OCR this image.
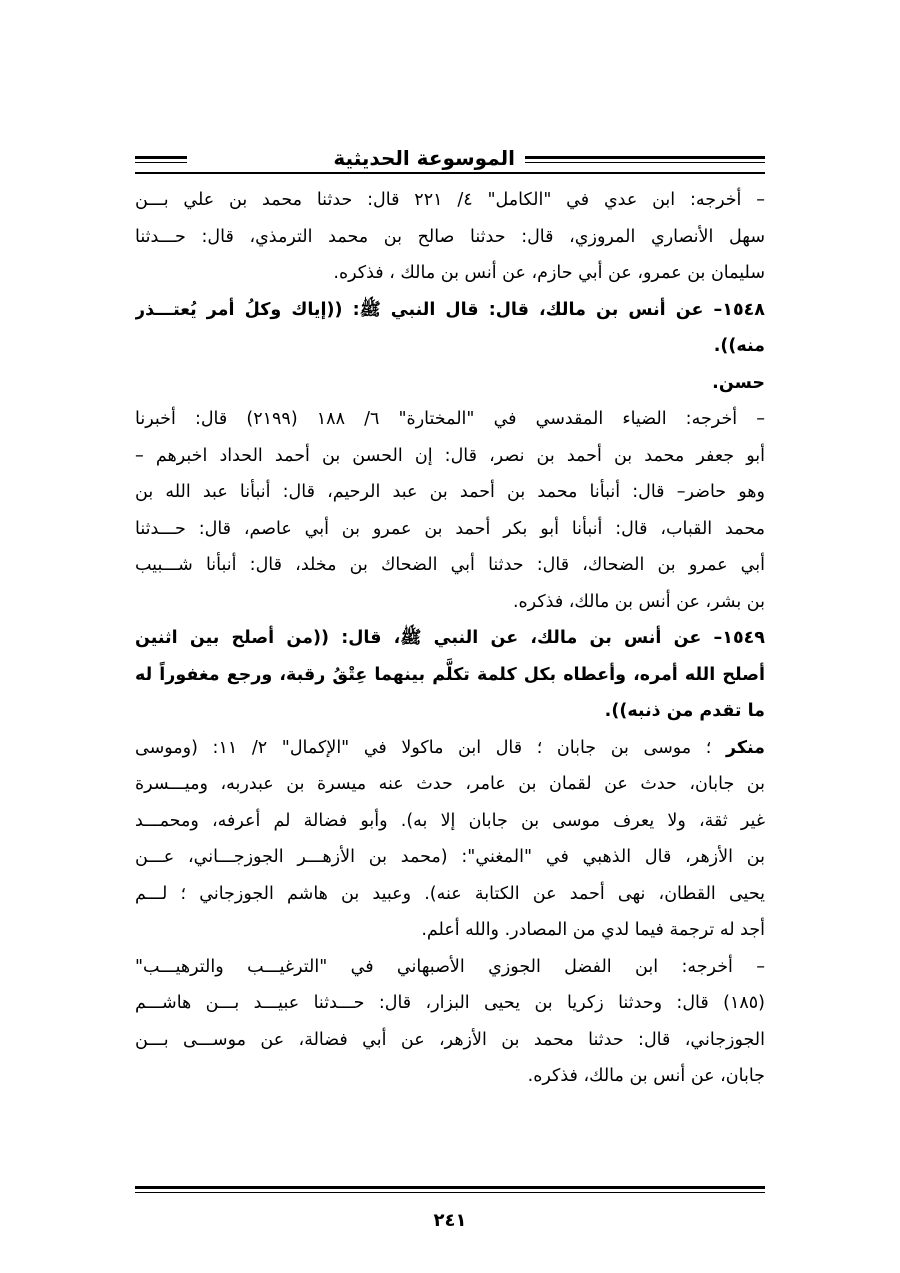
الموسوعة الحديثية
– أخرجه: ابن عدي في "الكامل" ٤/ ٢٢١ قال: حدثنا محمد بن علي بـــن
سهل الأنصاري المروزي، قال: حدثنا صالح بن محمد الترمذي، قال: حـــدثنا
سليمان بن عمرو، عن أبي حازم، عن أنس بن مالك ، فذكره.
١٥٤٨– عن أنس بن مالك، قال: قال النبي ﷺ: ((إياك وكلُ أمر يُعتـــذر
منه)).
حسن.
– أخرجه: الضياء المقدسي في "المختارة" ٦/ ١٨٨ (٢١٩٩) قال: أخبرنا
أبو جعفر محمد بن أحمد بن نصر، قال: إن الحسن بن أحمد الحداد اخبرهم –
وهو حاضر– قال: أنبأنا محمد بن أحمد بن عبد الرحيم، قال: أنبأنا عبد الله بن
محمد القباب، قال: أنبأنا أبو بكر أحمد بن عمرو بن أبي عاصم، قال: حـــدثنا
أبي عمرو بن الضحاك، قال: حدثنا أبي الضحاك بن مخلد، قال: أنبأنا شـــبيب
بن بشر، عن أنس بن مالك، فذكره.
١٥٤٩– عن أنس بن مالك، عن النبي ﷺ، قال: ((من أصلح بين اثنين
أصلح الله أمره، وأعطاه بكل كلمة تكلَّم بينهما عِتْقُ رقبة، ورجع مغفوراً له
ما تقدم من ذنبه)).
منكر ؛ موسى بن جابان ؛ قال ابن ماكولا في "الإكمال" ٢/ ١١: (وموسى
بن جابان، حدث عن لقمان بن عامر، حدث عنه ميسرة بن عبدربه، وميـــسرة
غير ثقة، ولا يعرف موسى بن جابان إلا به). وأبو فضالة لم أعرفه، ومحمـــد
بن الأزهر، قال الذهبي في "المغني": (محمد بن الأزهـــر الجوزجـــاني، عـــن
يحيى القطان، نهى أحمد عن الكتابة عنه). وعبيد بن هاشم الجوزجاني ؛ لـــم
أجد له ترجمة فيما لدي من المصادر. والله أعلم.
– أخرجه: ابن الفضل الجوزي الأصبهاني في "الترغيـــب والترهيـــب"
(١٨٥) قال: وحدثنا زكريا بن يحيى البزار، قال: حـــدثنا عبيـــد بـــن هاشـــم
الجوزجاني، قال: حدثنا محمد بن الأزهر، عن أبي فضالة، عن موســـى بـــن
جابان، عن أنس بن مالك، فذكره.
٢٤١
